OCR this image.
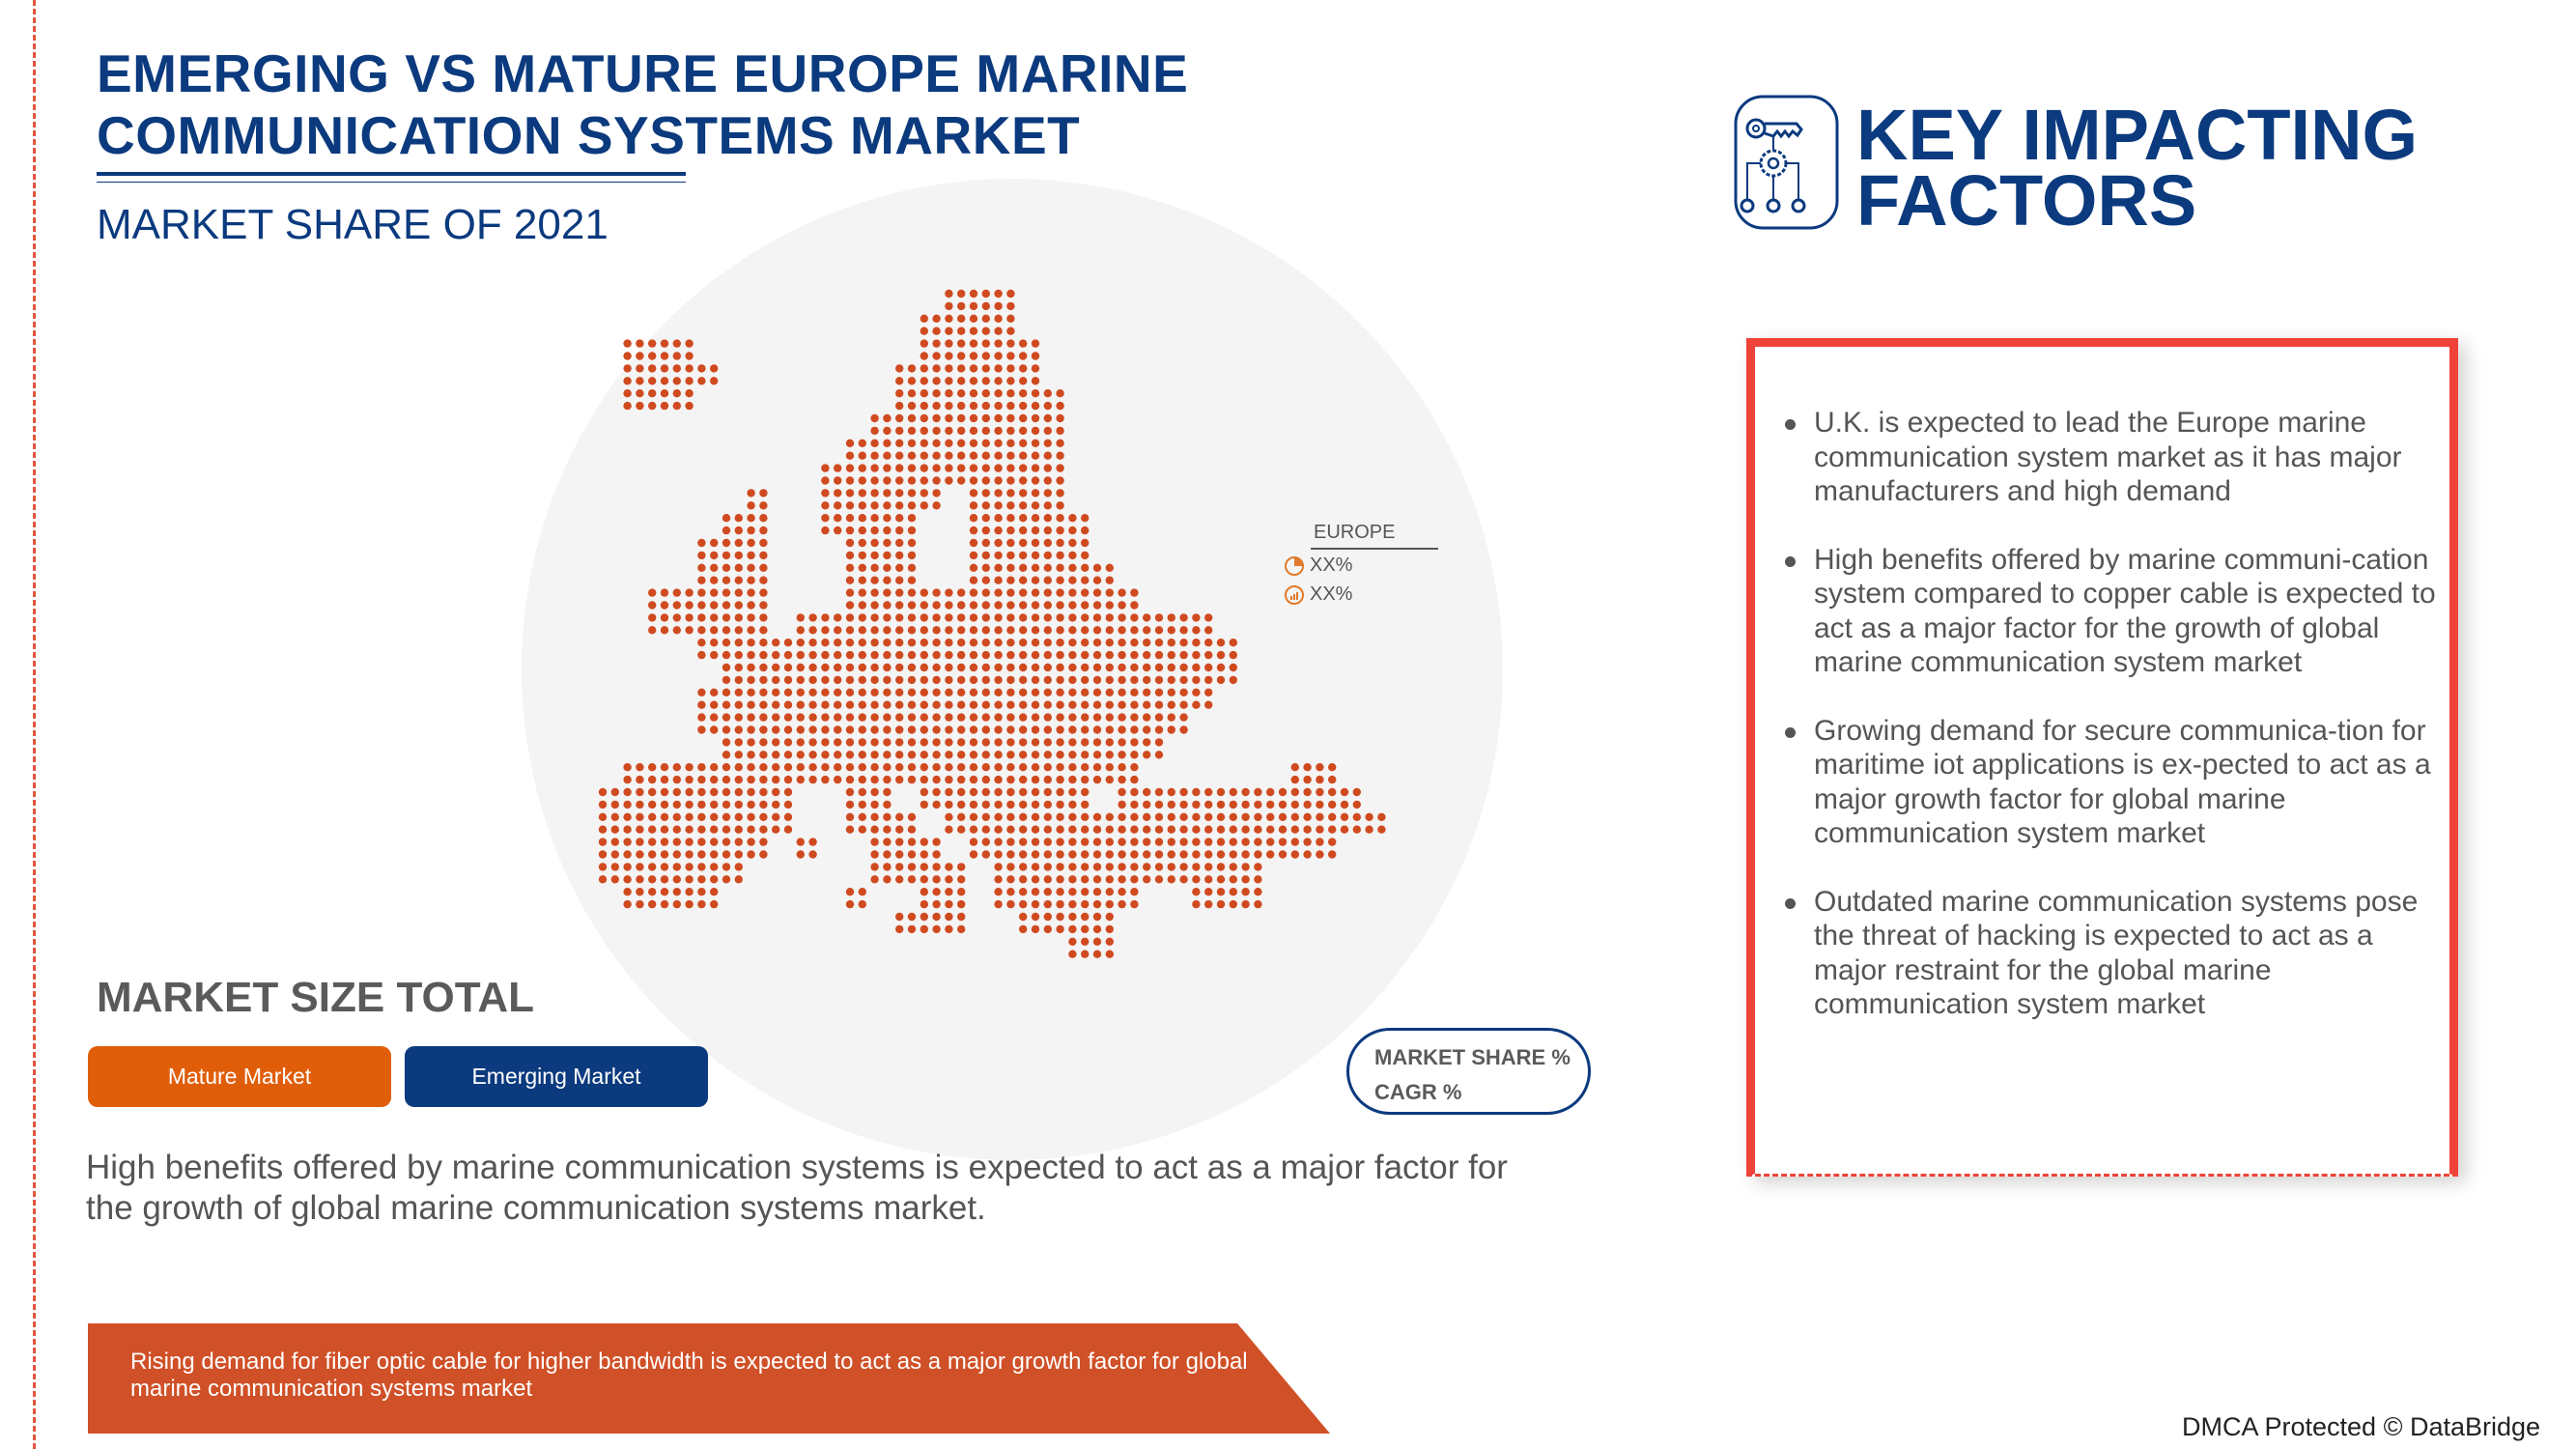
EMERGING VS MATURE EUROPE MARINE COMMUNICATION SYSTEMS MARKET
MARKET SHARE OF 2021
EUROPE
XX%
XX%
MARKET SIZE TOTAL
Mature Market	Emerging Market
MARKET SHARE %
CAGR %
High benefits offered by marine communication systems is expected to act as a major factor for the growth of global marine communication systems market.
Rising demand for fiber optic cable for higher bandwidth is expected to act as a major growth factor for global marine communication systems market
KEY IMPACTING
FACTORS
U.K. is expected to lead the Europe marine communication system market as it has major manufacturers and high demand
High benefits offered by marine communi-cation system compared to copper cable is expected to act as a major factor for the growth of global marine communication system market
Growing demand for secure communica-tion for maritime iot applications is ex-pected to act as a major growth factor for global marine communication system market
Outdated marine communication systems pose the threat of hacking is expected to act as a major restraint for the global marine communication system market
DMCA Protected © DataBridge
